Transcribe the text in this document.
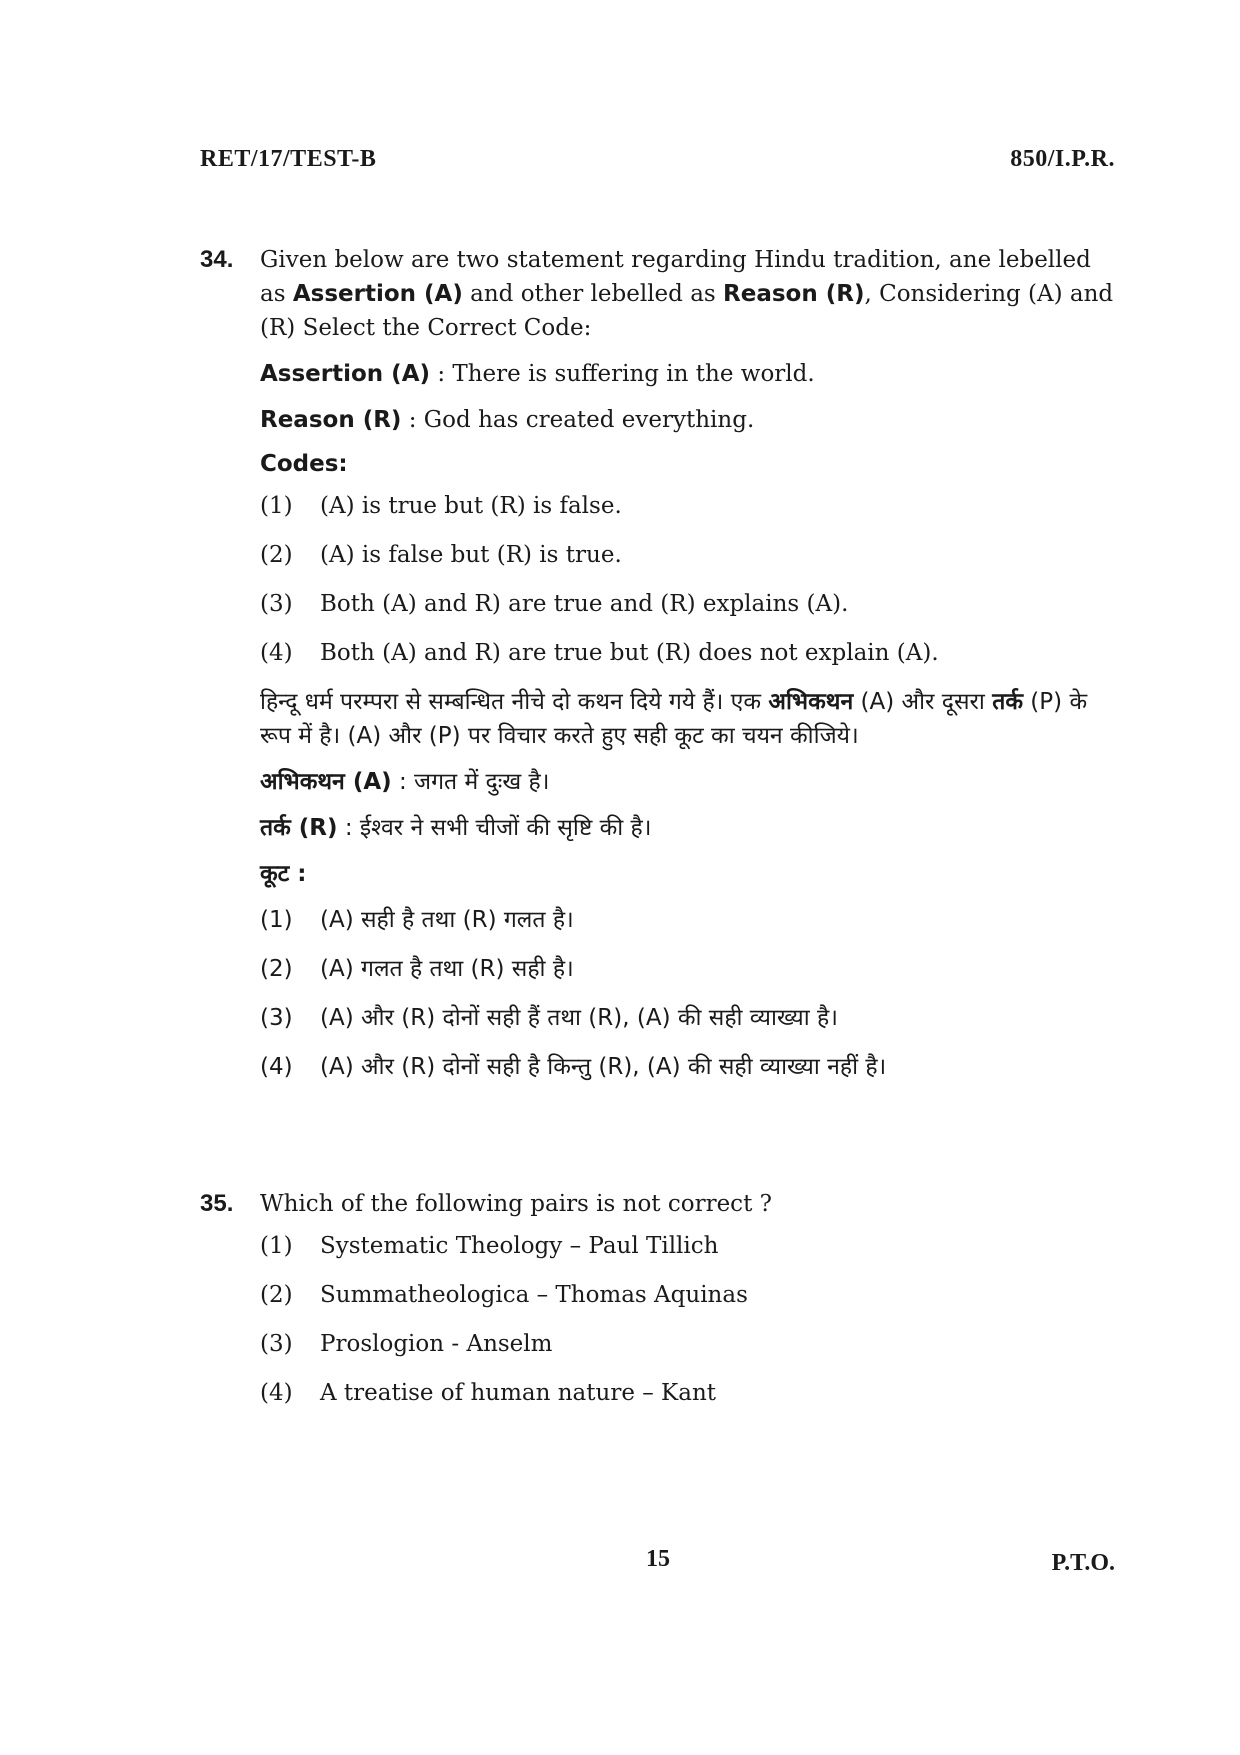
RET/17/TEST-B	850/I.P.R.
34.	Given below are two statement regarding Hindu tradition, ane lebelled as Assertion (A) and other lebelled as Reason (R), Considering (A) and (R) Select the Correct Code:
Assertion (A) : There is suffering in the world.
Reason (R) : God has created everything.
Codes:
(1)	(A) is true but (R) is false.
(2)	(A) is false but (R) is true.
(3)	Both (A) and R) are true and (R) explains (A).
(4)	Both (A) and R) are true but (R) does not explain (A).
हिन्दू धर्म परम्परा से सम्बन्धित नीचे दो कथन दिये गये हैं। एक अभिकथन (A) और दूसरा तर्क (P) के रूप में है। (A) और (P) पर विचार करते हुए सही कूट का चयन कीजिये।
अभिकथन (A) : जगत में दुःख है।
तर्क (R) : ईश्वर ने सभी चीजों की सृष्टि की है।
कूट :
(1)	(A) सही है तथा (R) गलत है।
(2)	(A) गलत है तथा (R) सही है।
(3)	(A) और (R) दोनों सही हैं तथा (R), (A) की सही व्याख्या है।
(4)	(A) और (R) दोनों सही है किन्तु (R), (A) की सही व्याख्या नहीं है।
35.	Which of the following pairs is not correct ?
(1)	Systematic Theology – Paul Tillich
(2)	Summatheologica – Thomas Aquinas
(3)	Proslogion - Anselm
(4)	A treatise of human nature – Kant
15	P.T.O.
